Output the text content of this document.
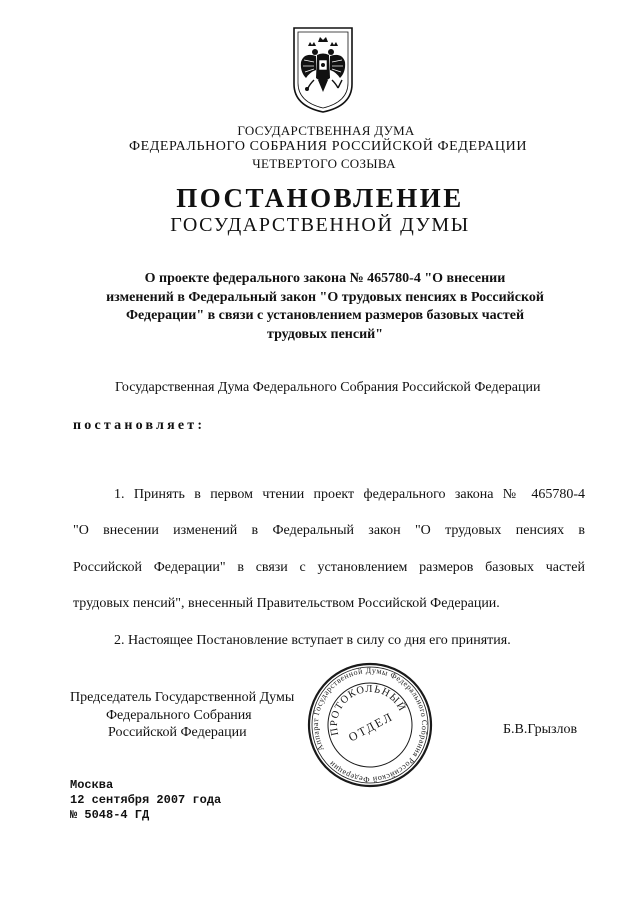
ГОСУДАРСТВЕННАЯ ДУМА
ФЕДЕРАЛЬНОГО СОБРАНИЯ РОССИЙСКОЙ ФЕДЕРАЦИИ
ЧЕТВЕРТОГО СОЗЫВА
ПОСТАНОВЛЕНИЕ
ГОСУДАРСТВЕННОЙ ДУМЫ
О проекте федерального закона № 465780-4 "О внесении
изменений в Федеральный закон "О трудовых пенсиях в Российской
Федерации" в связи с установлением размеров базовых частей
трудовых пенсий"
Государственная Дума Федерального Собрания Российской Федерации
постановляет:
1. Принять в первом чтении проект федерального закона № 465780-4
"О внесении изменений в Федеральный закон "О трудовых пенсиях в
Российской Федерации" в связи с установлением размеров базовых частей
трудовых пенсий", внесенный Правительством Российской Федерации.
2. Настоящее Постановление вступает в силу со дня его принятия.
Председатель Государственной Думы
Федерального Собрания
Российской Федерации	Б.В.Грызлов
Аппарат Государственной Думы Федерального Собрания Российской Федерации
ПРОТОКОЛЬНЫЙ
ОТДЕЛ
Москва
12 сентября 2007 года
№ 5048-4 ГД
